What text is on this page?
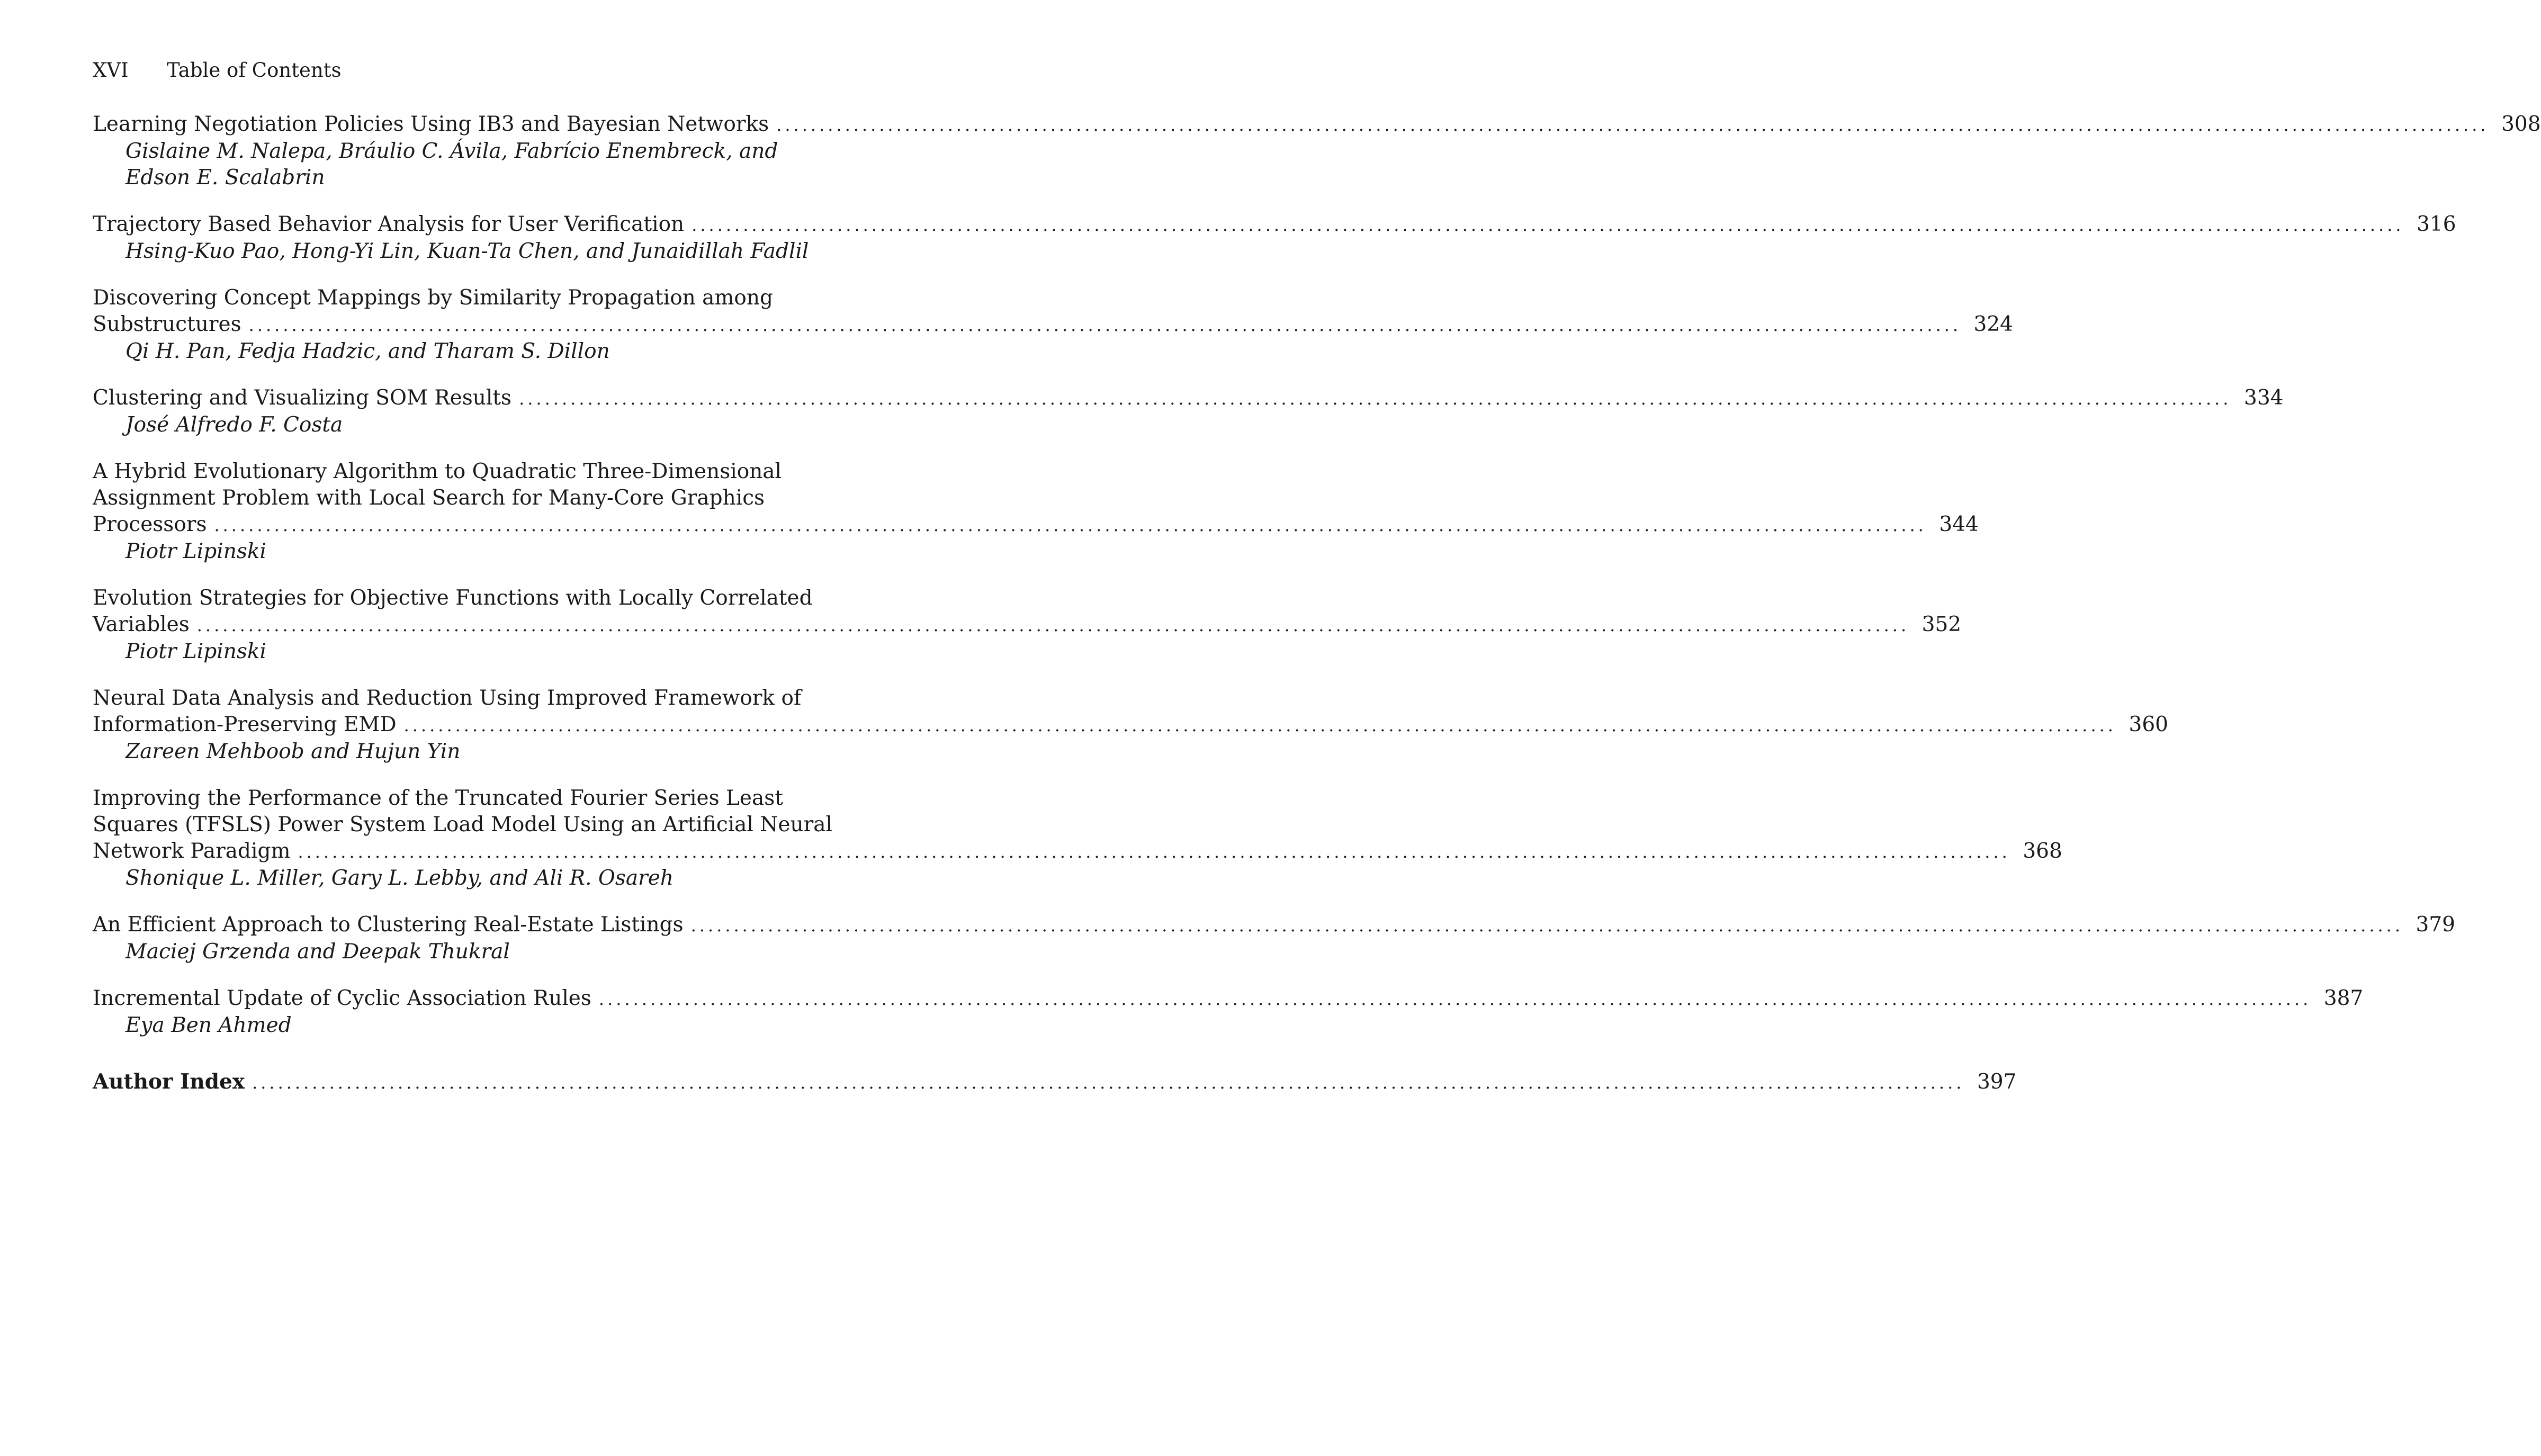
XVI Table of Contents
Learning Negotiation Policies Using IB3 and Bayesian Networks ........................................................................................................................................................................................................ 308
Gislaine M. Nalepa, Bráulio C. Ávila, Fabrício Enembreck, and
Edson E. Scalabrin
Trajectory Based Behavior Analysis for User Verification ........................................................................................................................................................................................................ 316
Hsing-Kuo Pao, Hong-Yi Lin, Kuan-Ta Chen, and Junaidillah Fadlil
Discovering Concept Mappings by Similarity Propagation among
Substructures ........................................................................................................................................................................................................ 324
Qi H. Pan, Fedja Hadzic, and Tharam S. Dillon
Clustering and Visualizing SOM Results ........................................................................................................................................................................................................ 334
José Alfredo F. Costa
A Hybrid Evolutionary Algorithm to Quadratic Three-Dimensional
Assignment Problem with Local Search for Many-Core Graphics
Processors ........................................................................................................................................................................................................ 344
Piotr Lipinski
Evolution Strategies for Objective Functions with Locally Correlated
Variables ........................................................................................................................................................................................................ 352
Piotr Lipinski
Neural Data Analysis and Reduction Using Improved Framework of
Information-Preserving EMD ........................................................................................................................................................................................................ 360
Zareen Mehboob and Hujun Yin
Improving the Performance of the Truncated Fourier Series Least
Squares (TFSLS) Power System Load Model Using an Artificial Neural
Network Paradigm ........................................................................................................................................................................................................ 368
Shonique L. Miller, Gary L. Lebby, and Ali R. Osareh
An Efficient Approach to Clustering Real-Estate Listings ........................................................................................................................................................................................................ 379
Maciej Grzenda and Deepak Thukral
Incremental Update of Cyclic Association Rules ........................................................................................................................................................................................................ 387
Eya Ben Ahmed
Author Index ........................................................................................................................................................................................................ 397
